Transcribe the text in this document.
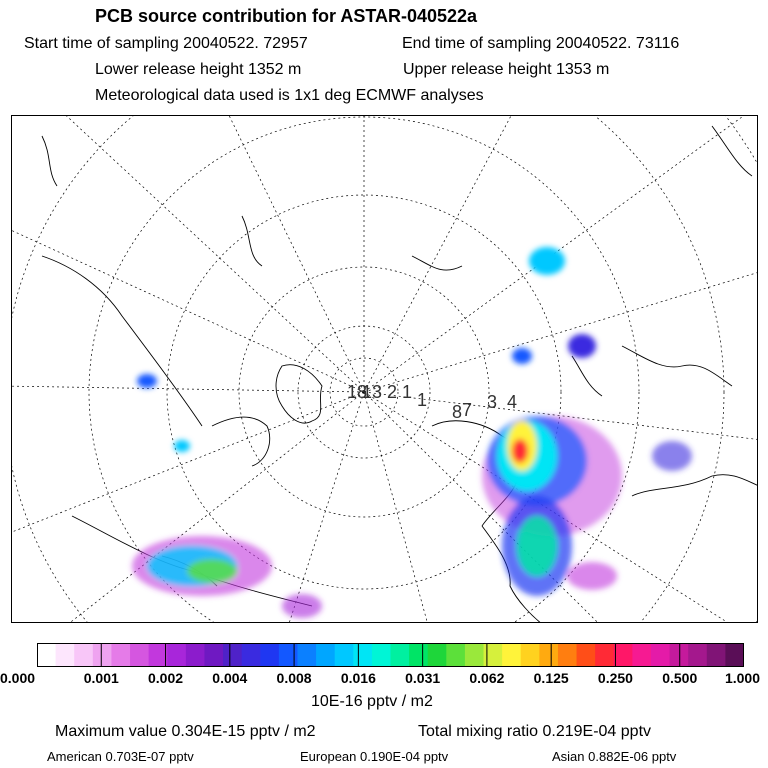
PCB source contribution for ASTAR-040522a
Start time of sampling 20040522. 72957	End time of sampling 20040522. 73116
Lower release height 1352 m	Upper release height 1353 m
Meteorological data used is 1x1 deg ECMWF analyses
18
13 2 1 1 7 3 4
8
0.000	0.001 0.002 0.004 0.008 0.016 0.031 0.062 0.125 0.250 0.500 1.000
10E-16 pptv / m2
Maximum value 0.304E-15 pptv / m2	Total mixing ratio 0.219E-04 pptv
American 0.703E-07 pptv	European 0.190E-04 pptv	Asian 0.882E-06 pptv
